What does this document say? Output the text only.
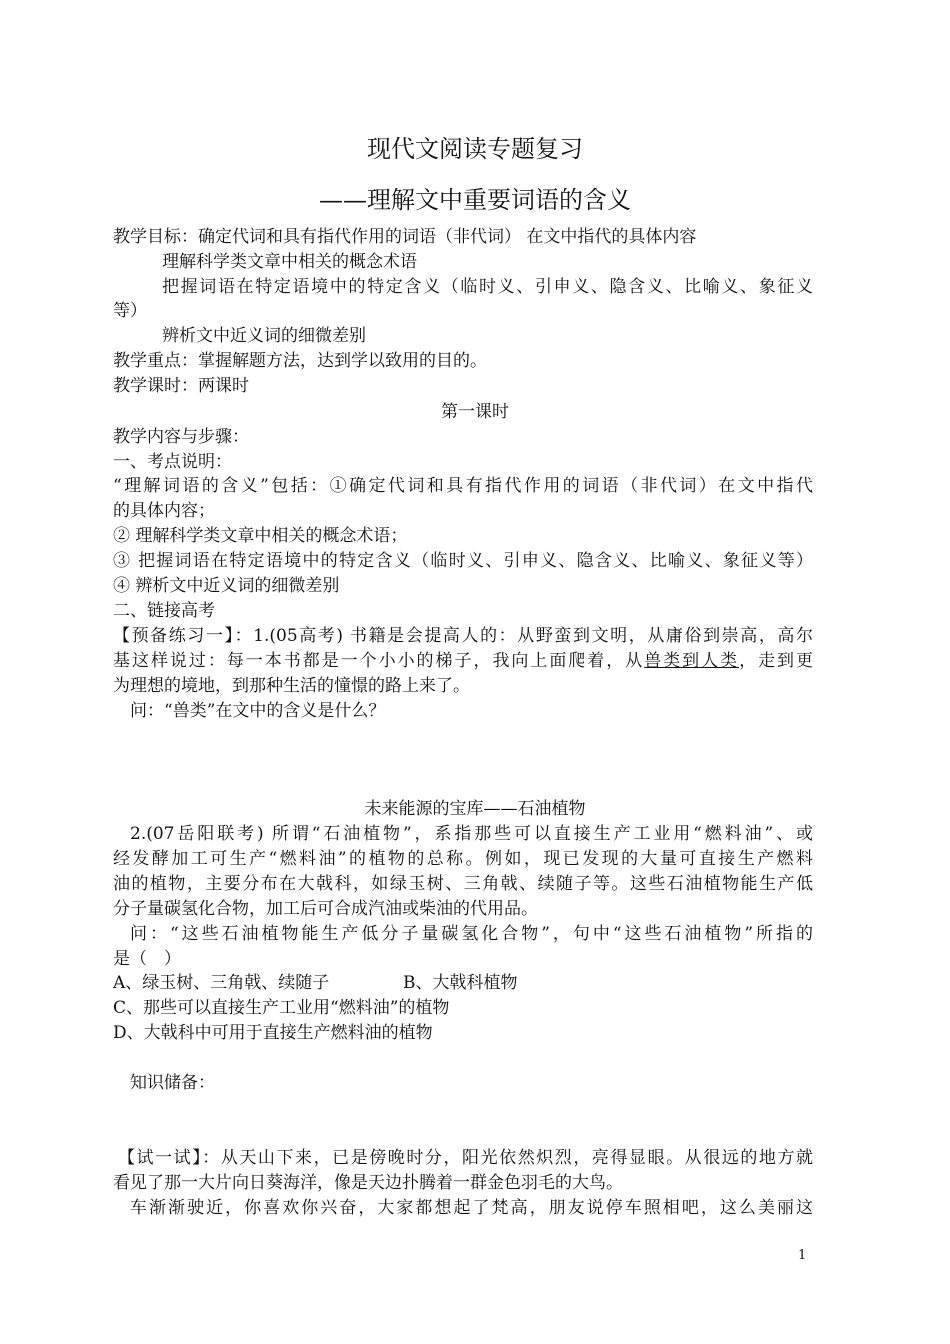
现代文阅读专题复习
——理解文中重要词语的含义
教学目标：确定代词和具有指代作用的词语（非代词） 在文中指代的具体内容
理解科学类文章中相关的概念术语
把握词语在特定语境中的特定含义（临时义、引申义、隐含义、比喻义、象征义
等）
辨析文中近义词的细微差别
教学重点：掌握解题方法，达到学以致用的目的。
教学课时：两课时
第一课时
教学内容与步骤：
一、考点说明：
“理解词语的含义”包括：①确定代词和具有指代作用的词语（非代词）在文中指代
的具体内容；
② 理解科学类文章中相关的概念术语；
③ 把握词语在特定语境中的特定含义（临时义、引申义、隐含义、比喻义、象征义等）
④ 辨析文中近义词的细微差别
二、链接高考
【预备练习一】：1.(05高考) 书籍是会提高人的：从野蛮到文明，从庸俗到崇高，高尔
基这样说过：每一本书都是一个小小的梯子，我向上面爬着，从兽类到人类，走到更
为理想的境地，到那种生活的憧憬的路上来了。
问：“兽类”在文中的含义是什么？
未来能源的宝库——石油植物
2.(07岳阳联考) 所谓“石油植物”，系指那些可以直接生产工业用“燃料油”、或
经发酵加工可生产“燃料油”的植物的总称。例如，现已发现的大量可直接生产燃料
油的植物，主要分布在大戟科，如绿玉树、三角戟、续随子等。这些石油植物能生产低
分子量碳氢化合物，加工后可合成汽油或柴油的代用品。
问：“这些石油植物能生产低分子量碳氢化合物”，句中“这些石油植物”所指的
是（　）
A、绿玉树、三角戟、续随子	B、大戟科植物
C、那些可以直接生产工业用“燃料油”的植物
D、大戟科中可用于直接生产燃料油的植物
知识储备：
【试一试】：从天山下来，已是傍晚时分，阳光依然炽烈，亮得显眼。从很远的地方就
看见了那一大片向日葵海洋，像是天边扑腾着一群金色羽毛的大鸟。
车渐渐驶近，你喜欢你兴奋，大家都想起了梵高，朋友说停车照相吧，这么美丽这
1
